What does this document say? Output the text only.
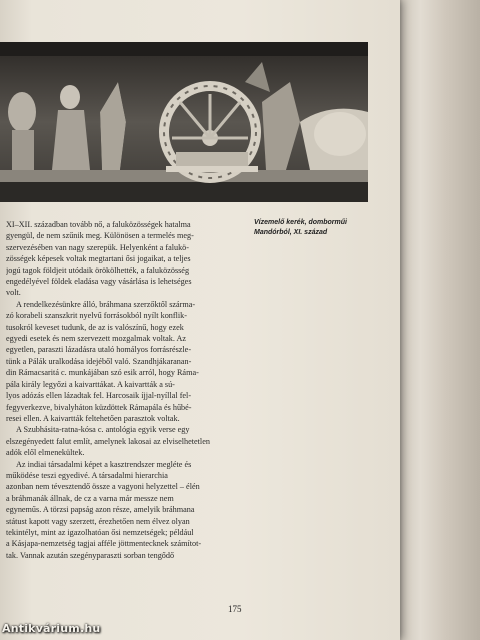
Vízemelő kerék, domborműi Mandórból, XI. század
XI–XII. században tovább nő, a faluközösségek hatalma
gyengül, de nem szűnik meg. Különösen a termelés meg-
szervezésében van nagy szerepük. Helyenként a falukö-
zösségek képesek voltak megtartani ősi jogaikat, a teljes
jogú tagok földjeit utódaik örökölhették, a faluközösség
engedélyével földek eladása vagy vásárlása is lehetséges
volt.
A rendelkezésünkre álló, bráhmana szerzőktől szárma-
zó korabeli szanszkrit nyelvű forrásokból nyílt konflik-
tusokról keveset tudunk, de az is valószínű, hogy ezek
egyedi esetek és nem szervezett mozgalmak voltak. Az
egyetlen, paraszti lázadásra utaló homályos forrásrészle-
tünk a Pálák uralkodása idejéből való. Szandhjákaranan-
din Rámacsaritá c. munkájában szó esik arról, hogy Ráma-
pála király legyőzi a kaivarttákat. A kaivartták a sú-
lyos adózás ellen lázadtak fel. Harcosaik íjjal-nyíllal fel-
fegyverkezve, bivalyháton küzdöttek Rámapála és hűbé-
resei ellen. A kaivartták feltehetően parasztok voltak.
A Szubhásita-ratna-kósa c. antológia egyik verse egy
elszegényedett falut említ, amelynek lakosai az elviselhetetlen
adók elől elmenekültek.
Az indiai társadalmi képet a kasztrendszer megléte és
működése teszi egyedivé. A társadalmi hierarchia
azonban nem tévesztendő össze a vagyoni helyzettel – élén
a bráhmanák állnak, de cz a varna már messze nem
egyneműs. A törzsi papság azon része, amelyik bráhmana
státust kapott vagy szerzett, érezhetően nem élvez olyan
tekintélyt, mint az igazolhatóan ősi nemzetségek; például
a Kásjapa-nemzetség tagjai afféle jöttmentecknek számítot-
tak. Vannak azután szegényparaszti sorban tengődő
175
Antikvárium.hu
